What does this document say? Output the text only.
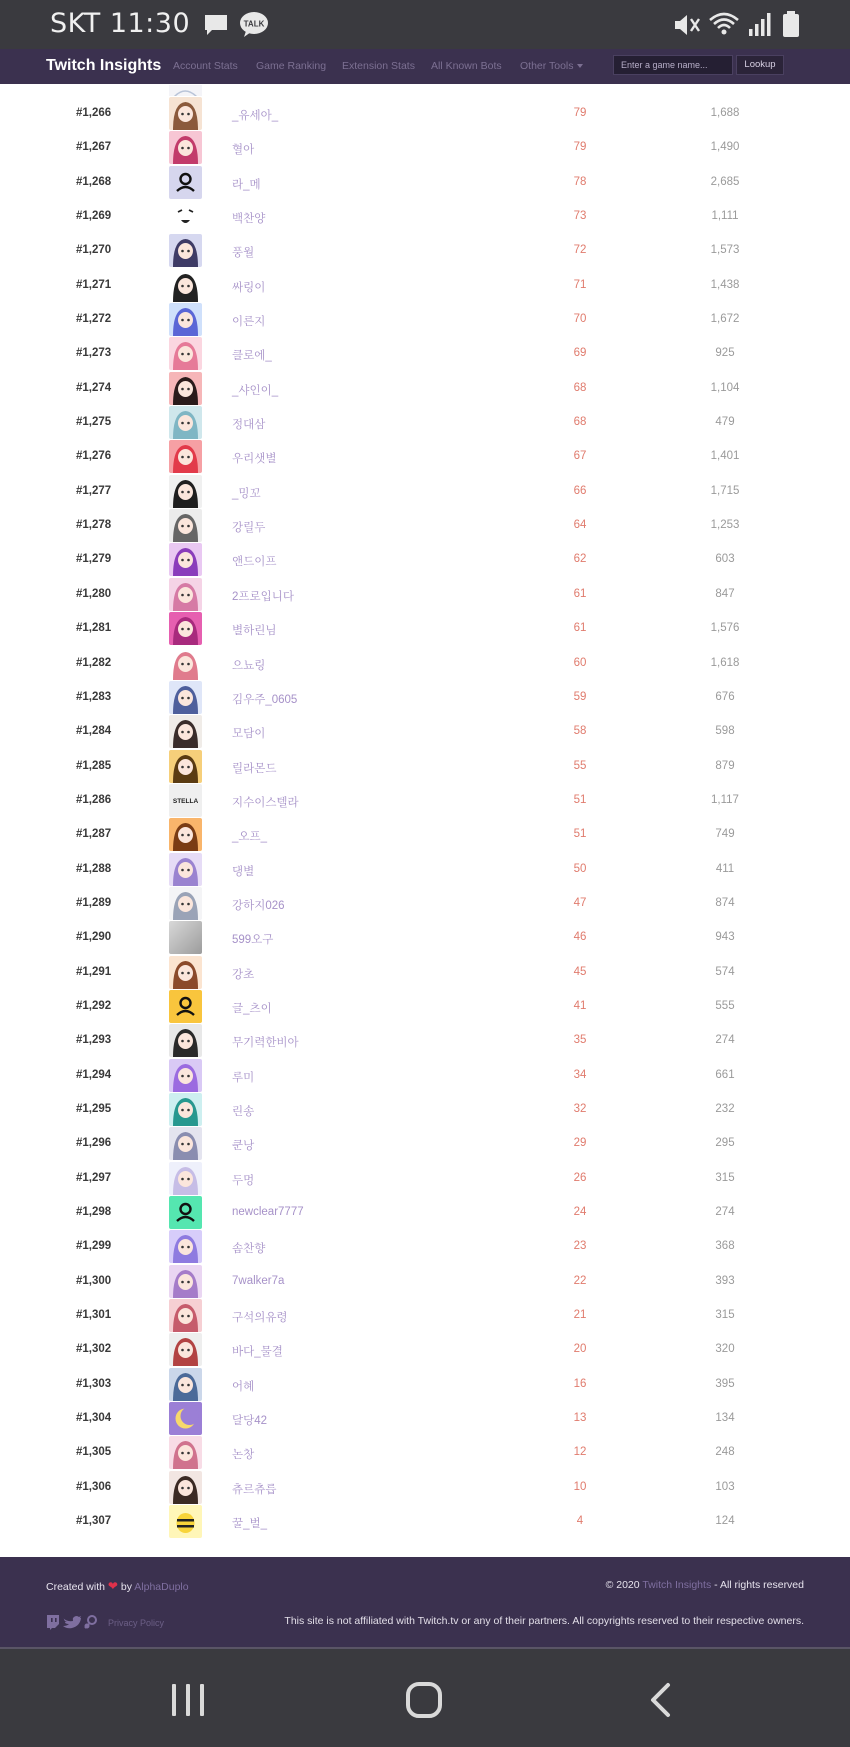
SKT 11:30	TALK
Twitch Insights Account Stats Game Ranking Extension Stats All Known Bots Other Tools
Enter a game name...	Lookup
#1,266	_유세아_	79	1,688
#1,267	혈아	79	1,490
#1,268	라_메	78	2,685
#1,269	백찬양	73	1,111
#1,270	풍월	72	1,573
#1,271	싸링이	71	1,438
#1,272	이른지	70	1,672
#1,273	클로에_	69	925
#1,274	_샤인이_	68	1,104
#1,275	정대삼	68	479
#1,276	우리샛별	67	1,401
#1,277	_밍꼬	66	1,715
#1,278	강릴두	64	1,253
#1,279	앤드이프	62	603
#1,280	2프로입니다	61	847
#1,281	별하린님	61	1,576
#1,282	으뇨링	60	1,618
#1,283	김우주_0605	59	676
#1,284	모담이	58	598
#1,285	릴라몬드	55	879
#1,286	STELLA	지수이스텔라	51	1,117
#1,287	_오프_	51	749
#1,288	댕별	50	411
#1,289	강하지026	47	874
#1,290	599오구	46	943
#1,291	강초	45	574
#1,292	글_츠이	41	555
#1,293	무기력한비아	35	274
#1,294	루미	34	661
#1,295	린송	32	232
#1,296	쿤낭	29	295
#1,297	두멍	26	315
#1,298	newclear7777	24	274
#1,299	솜찬향	23	368
#1,300	7walker7a	22	393
#1,301	구석의유령	21	315
#1,302	바다_물결	20	320
#1,303	어혜	16	395
#1,304	달당42	13	134
#1,305	논창	12	248
#1,306	츄르츄릅	10	103
#1,307	꿀_벌_	4	124
Created with ❤ by AlphaDuplo	© 2020 Twitch Insights - All rights reserved
Privacy Policy	This site is not affiliated with Twitch.tv or any of their partners. All copyrights reserved to their respective owners.
